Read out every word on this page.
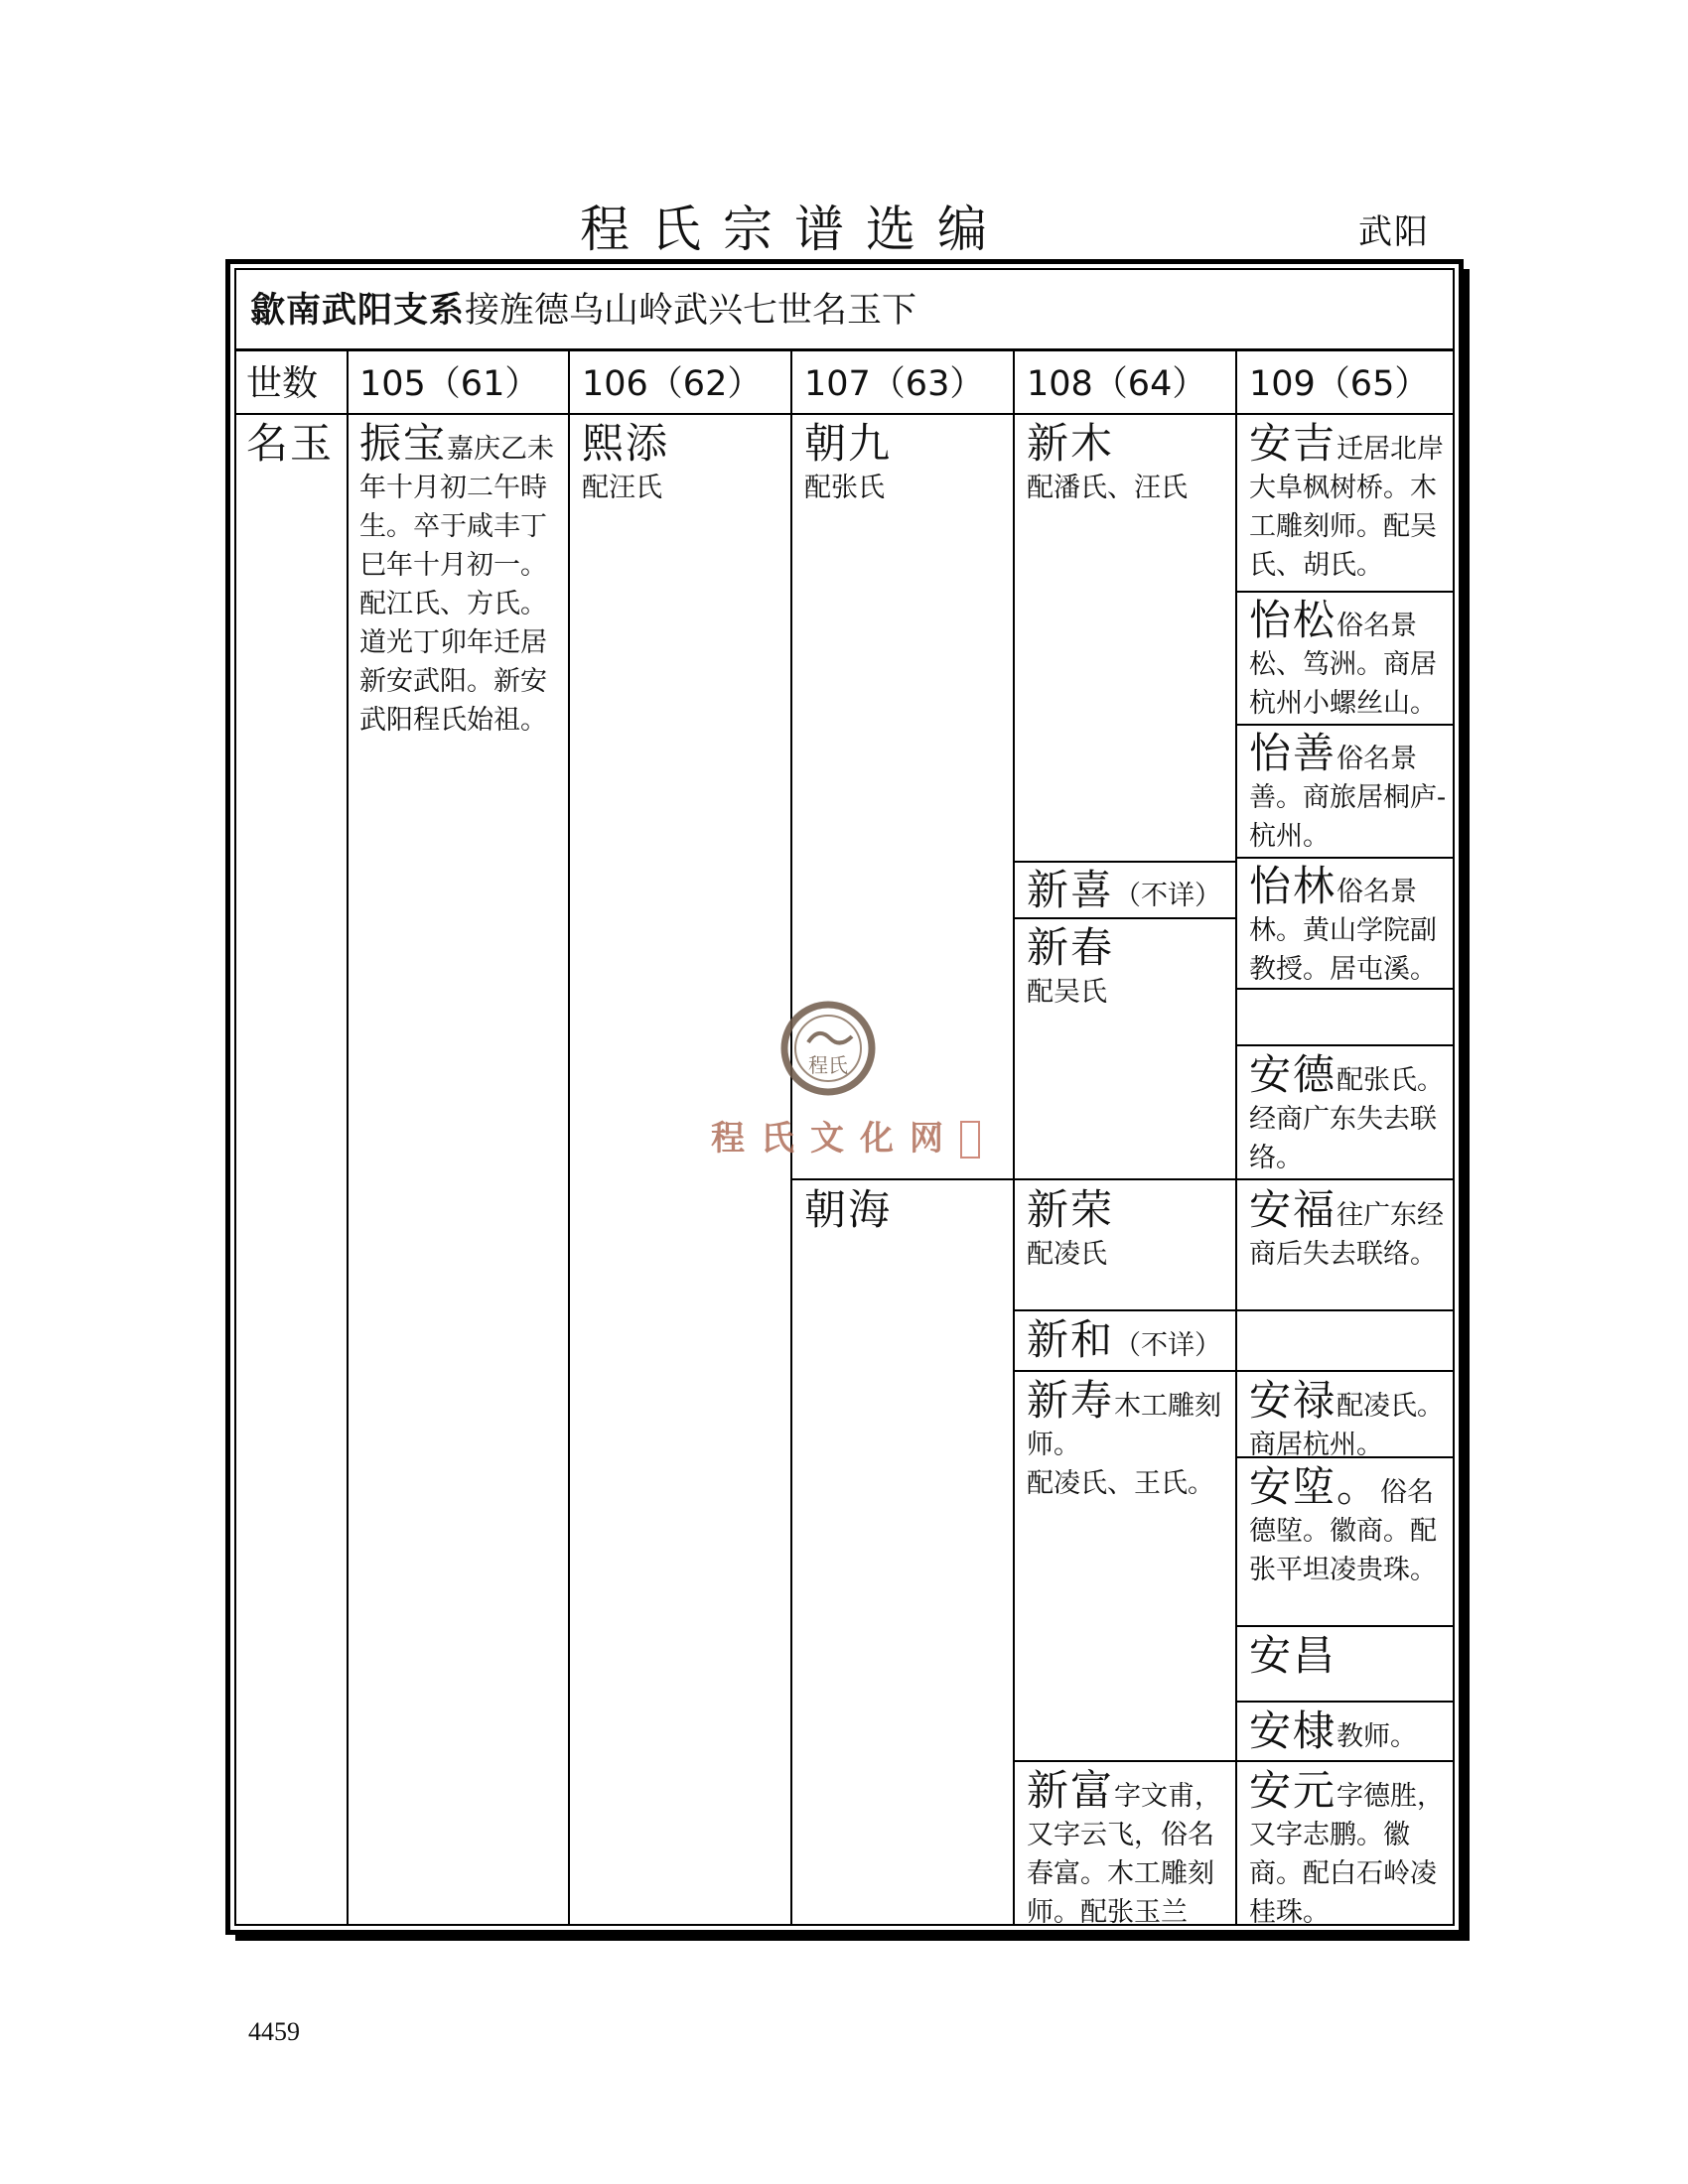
程氏宗谱选编	武阳
歙南武阳支系接旌德乌山岭武兴七世名玉下
世数 105（61） 106（62） 107（63） 108（64） 109（65）
名玉 振宝嘉庆乙未年十月初二午時生。卒于咸丰丁巳年十月初一。配江氏、方氏。
道光丁卯年迁居新安武阳。新安武阳程氏始祖。
熙添
配汪氏
朝九
配张氏
朝海
新木
配潘氏、汪氏
新喜（不详）
新春
配吴氏
新荣
配凌氏
新和（不详）
新寿木工雕刻师。
配凌氏、王氏。
新富字文甫，又字云飞，俗名春富。木工雕刻师。配张玉兰
安吉迁居北岸大阜枫树桥。木工雕刻师。配吴氏、胡氏。
怡松俗名景松、笃洲。商居杭州小螺丝山。
怡善俗名景善。商旅居桐庐-杭州。
怡林俗名景林。黄山学院副教授。居屯溪。
安德配张氏。经商广东失去联络。
安福往广东经商后失去联络。
安禄配凌氏。商居杭州。
安埅。俗名德埅。徽商。配张平坦凌贵珠。
安昌
安棣教师。
安元字德胜，又字志鹏。徽商。配白石岭凌桂珠。
程氏
程氏文化网
4459
